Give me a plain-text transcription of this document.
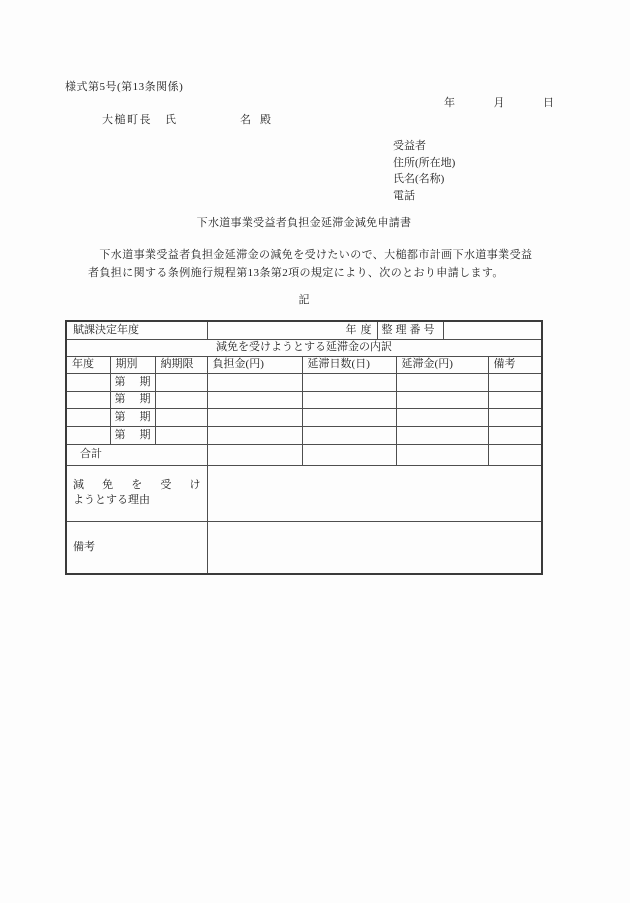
様式第5号(第13条関係)
年	月	日
大槌町長 氏	名 殿
受益者
住所(所在地)
氏名(名称)
電話
下水道事業受益者負担金延滞金減免申請書
　下水道事業受益者負担金延滞金の減免を受けたいので、大槌都市計画下水道事業受益
者負担に関する条例施行規程第13条第2項の規定により、次のとおり申請します。
記
賦課決定年度			年度		整理番号			
減免を受けようとする延滞金の内訳								
年度	期別	納期限	負担金(円)	延滞日数(日)		延滞金(円)		備考

	第 期							

	第 期							

	第 期							

	第 期							

合計								

減 免 を 受 け
ようとする理由

備考								
